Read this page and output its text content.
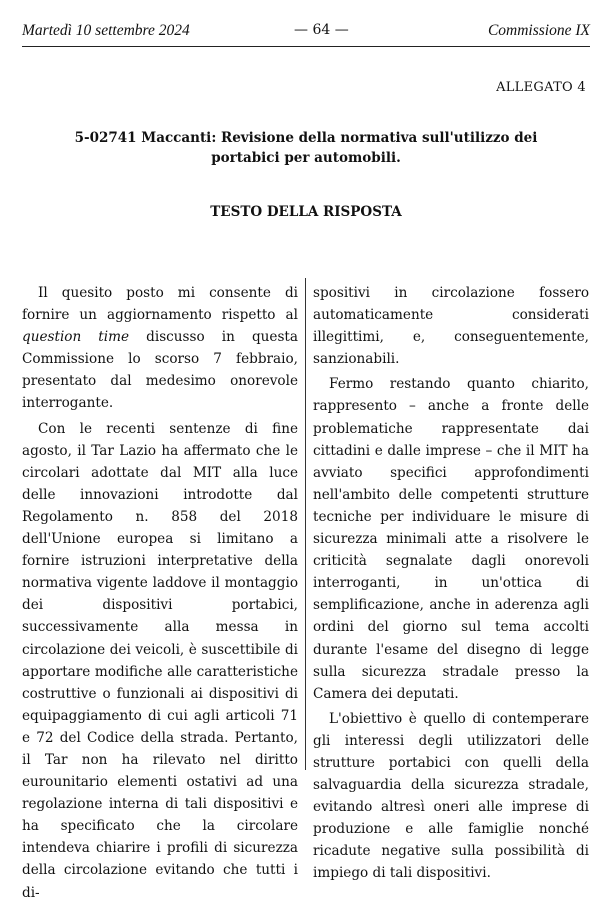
Martedì 10 settembre 2024	— 64 —	Commissione IX
ALLEGATO 4
5-02741 Maccanti: Revisione della normativa sull'utilizzo dei portabici per automobili.
TESTO DELLA RISPOSTA

Il quesito posto mi consente di fornire un aggiornamento rispetto al question time discusso in questa Commissione lo scorso 7 febbraio, presentato dal medesimo onorevole interrogante.

Con le recenti sentenze di fine agosto, il Tar Lazio ha affermato che le circolari adottate dal MIT alla luce delle innovazioni introdotte dal Regolamento n. 858 del 2018 dell'Unione europea si limitano a fornire istruzioni interpretative della normativa vigente laddove il montaggio dei dispositivi portabici, successivamente alla messa in circolazione dei veicoli, è suscettibile di apportare modifiche alle caratteristiche costruttive o funzionali ai dispositivi di equipaggiamento di cui agli articoli 71 e 72 del Codice della strada. Pertanto, il Tar non ha rilevato nel diritto eurounitario elementi ostativi ad una regolazione interna di tali dispositivi e ha specificato che la circolare intendeva chiarire i profili di sicurezza della circolazione evitando che tutti i di-

spositivi in circolazione fossero automaticamente considerati illegittimi, e, conseguentemente, sanzionabili.

Fermo restando quanto chiarito, rappresento – anche a fronte delle problematiche rappresentate dai cittadini e dalle imprese – che il MIT ha avviato specifici approfondimenti nell'ambito delle competenti strutture tecniche per individuare le misure di sicurezza minimali atte a risolvere le criticità segnalate dagli onorevoli interroganti, in un'ottica di semplificazione, anche in aderenza agli ordini del giorno sul tema accolti durante l'esame del disegno di legge sulla sicurezza stradale presso la Camera dei deputati.

L'obiettivo è quello di contemperare gli interessi degli utilizzatori delle strutture portabici con quelli della salvaguardia della sicurezza stradale, evitando altresì oneri alle imprese di produzione e alle famiglie nonché ricadute negative sulla possibilità di impiego di tali dispositivi.
